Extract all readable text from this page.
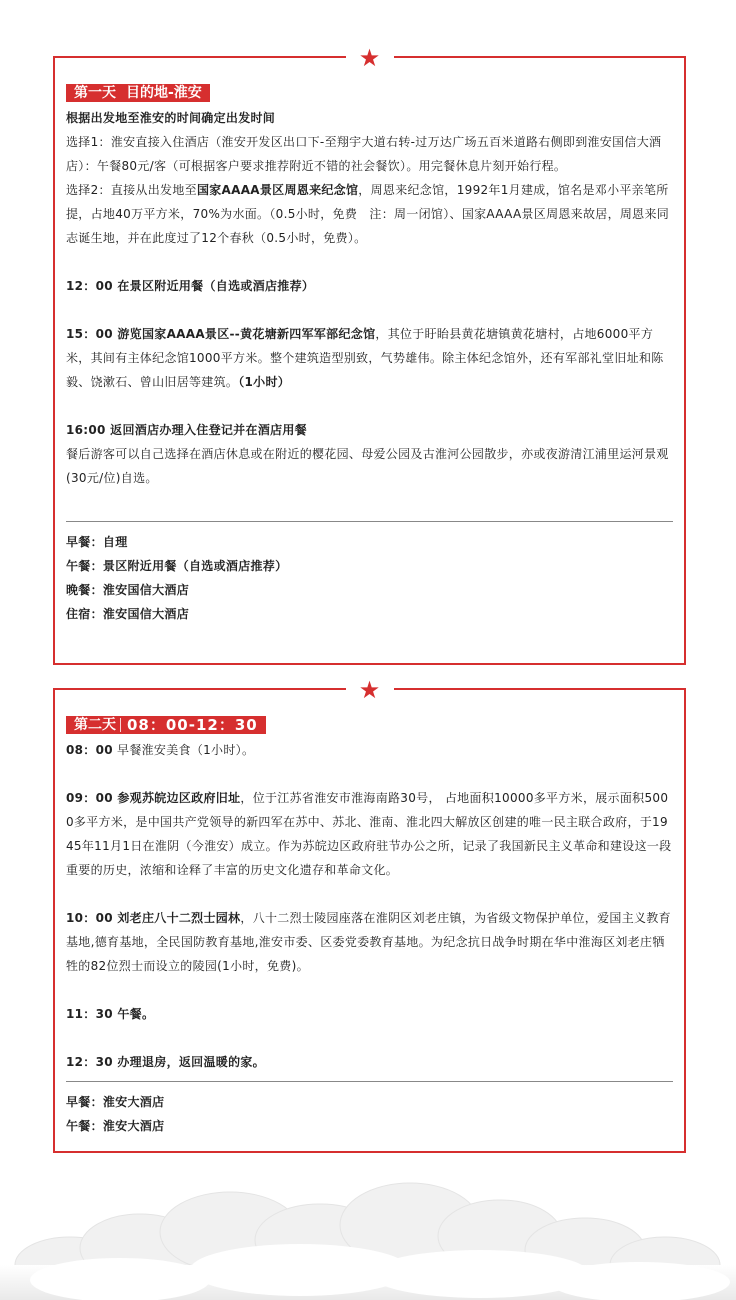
★
第一天 目的地-淮安

根据出发地至淮安的时间确定出发时间

选择1：淮安直接入住酒店（淮安开发区出口下-至翔宇大道右转-过万达广场五百米道路右侧即到淮安国信大酒店）：午餐80元/客（可根据客户要求推荐附近不错的社会餐饮）。用完餐休息片刻开始行程。

选择2：直接从出发地至国家AAAA景区周恩来纪念馆，周恩来纪念馆，1992年1月建成，馆名是邓小平亲笔所提，占地40万平方米，70%为水面。（0.5小时，免费　注：周一闭馆）、国家AAAA景区周恩来故居，周恩来同志诞生地，并在此度过了12个春秋（0.5小时，免费）。

12：00 在景区附近用餐（自选或酒店推荐）

15：00 游览国家AAAA景区--黄花塘新四军军部纪念馆，其位于盱眙县黄花塘镇黄花塘村，占地6000平方米，其间有主体纪念馆1000平方米。整个建筑造型别致，气势雄伟。除主体纪念馆外，还有军部礼堂旧址和陈毅、饶漱石、曾山旧居等建筑。（1小时）

16:00 返回酒店办理入住登记并在酒店用餐

餐后游客可以自己选择在酒店休息或在附近的樱花园、母爱公园及古淮河公园散步，亦或夜游清江浦里运河景观(30元/位)自选。

早餐：自理

午餐：景区附近用餐（自选或酒店推荐）

晚餐：淮安国信大酒店

住宿：淮安国信大酒店

★
第二天 08：00-12：30

08：00 早餐淮安美食（1小时）。

09：00 参观苏皖边区政府旧址，位于江苏省淮安市淮海南路30号， 占地面积10000多平方米，展示面积5000多平方米，是中国共产党领导的新四军在苏中、苏北、淮南、淮北四大解放区创建的唯一民主联合政府，于1945年11月1日在淮阴（今淮安）成立。作为苏皖边区政府驻节办公之所，记录了我国新民主义革命和建设这一段重要的历史，浓缩和诠释了丰富的历史文化遗存和革命文化。

10：00 刘老庄八十二烈士园林，八十二烈士陵园座落在淮阴区刘老庄镇，为省级文物保护单位，爱国主义教育基地,德育基地，全民国防教育基地,淮安市委、区委党委教育基地。为纪念抗日战争时期在华中淮海区刘老庄牺牲的82位烈士而设立的陵园(1小时，免费)。

11：30 午餐。

12：30 办理退房，返回温暖的家。

早餐：淮安大酒店

午餐：淮安大酒店
